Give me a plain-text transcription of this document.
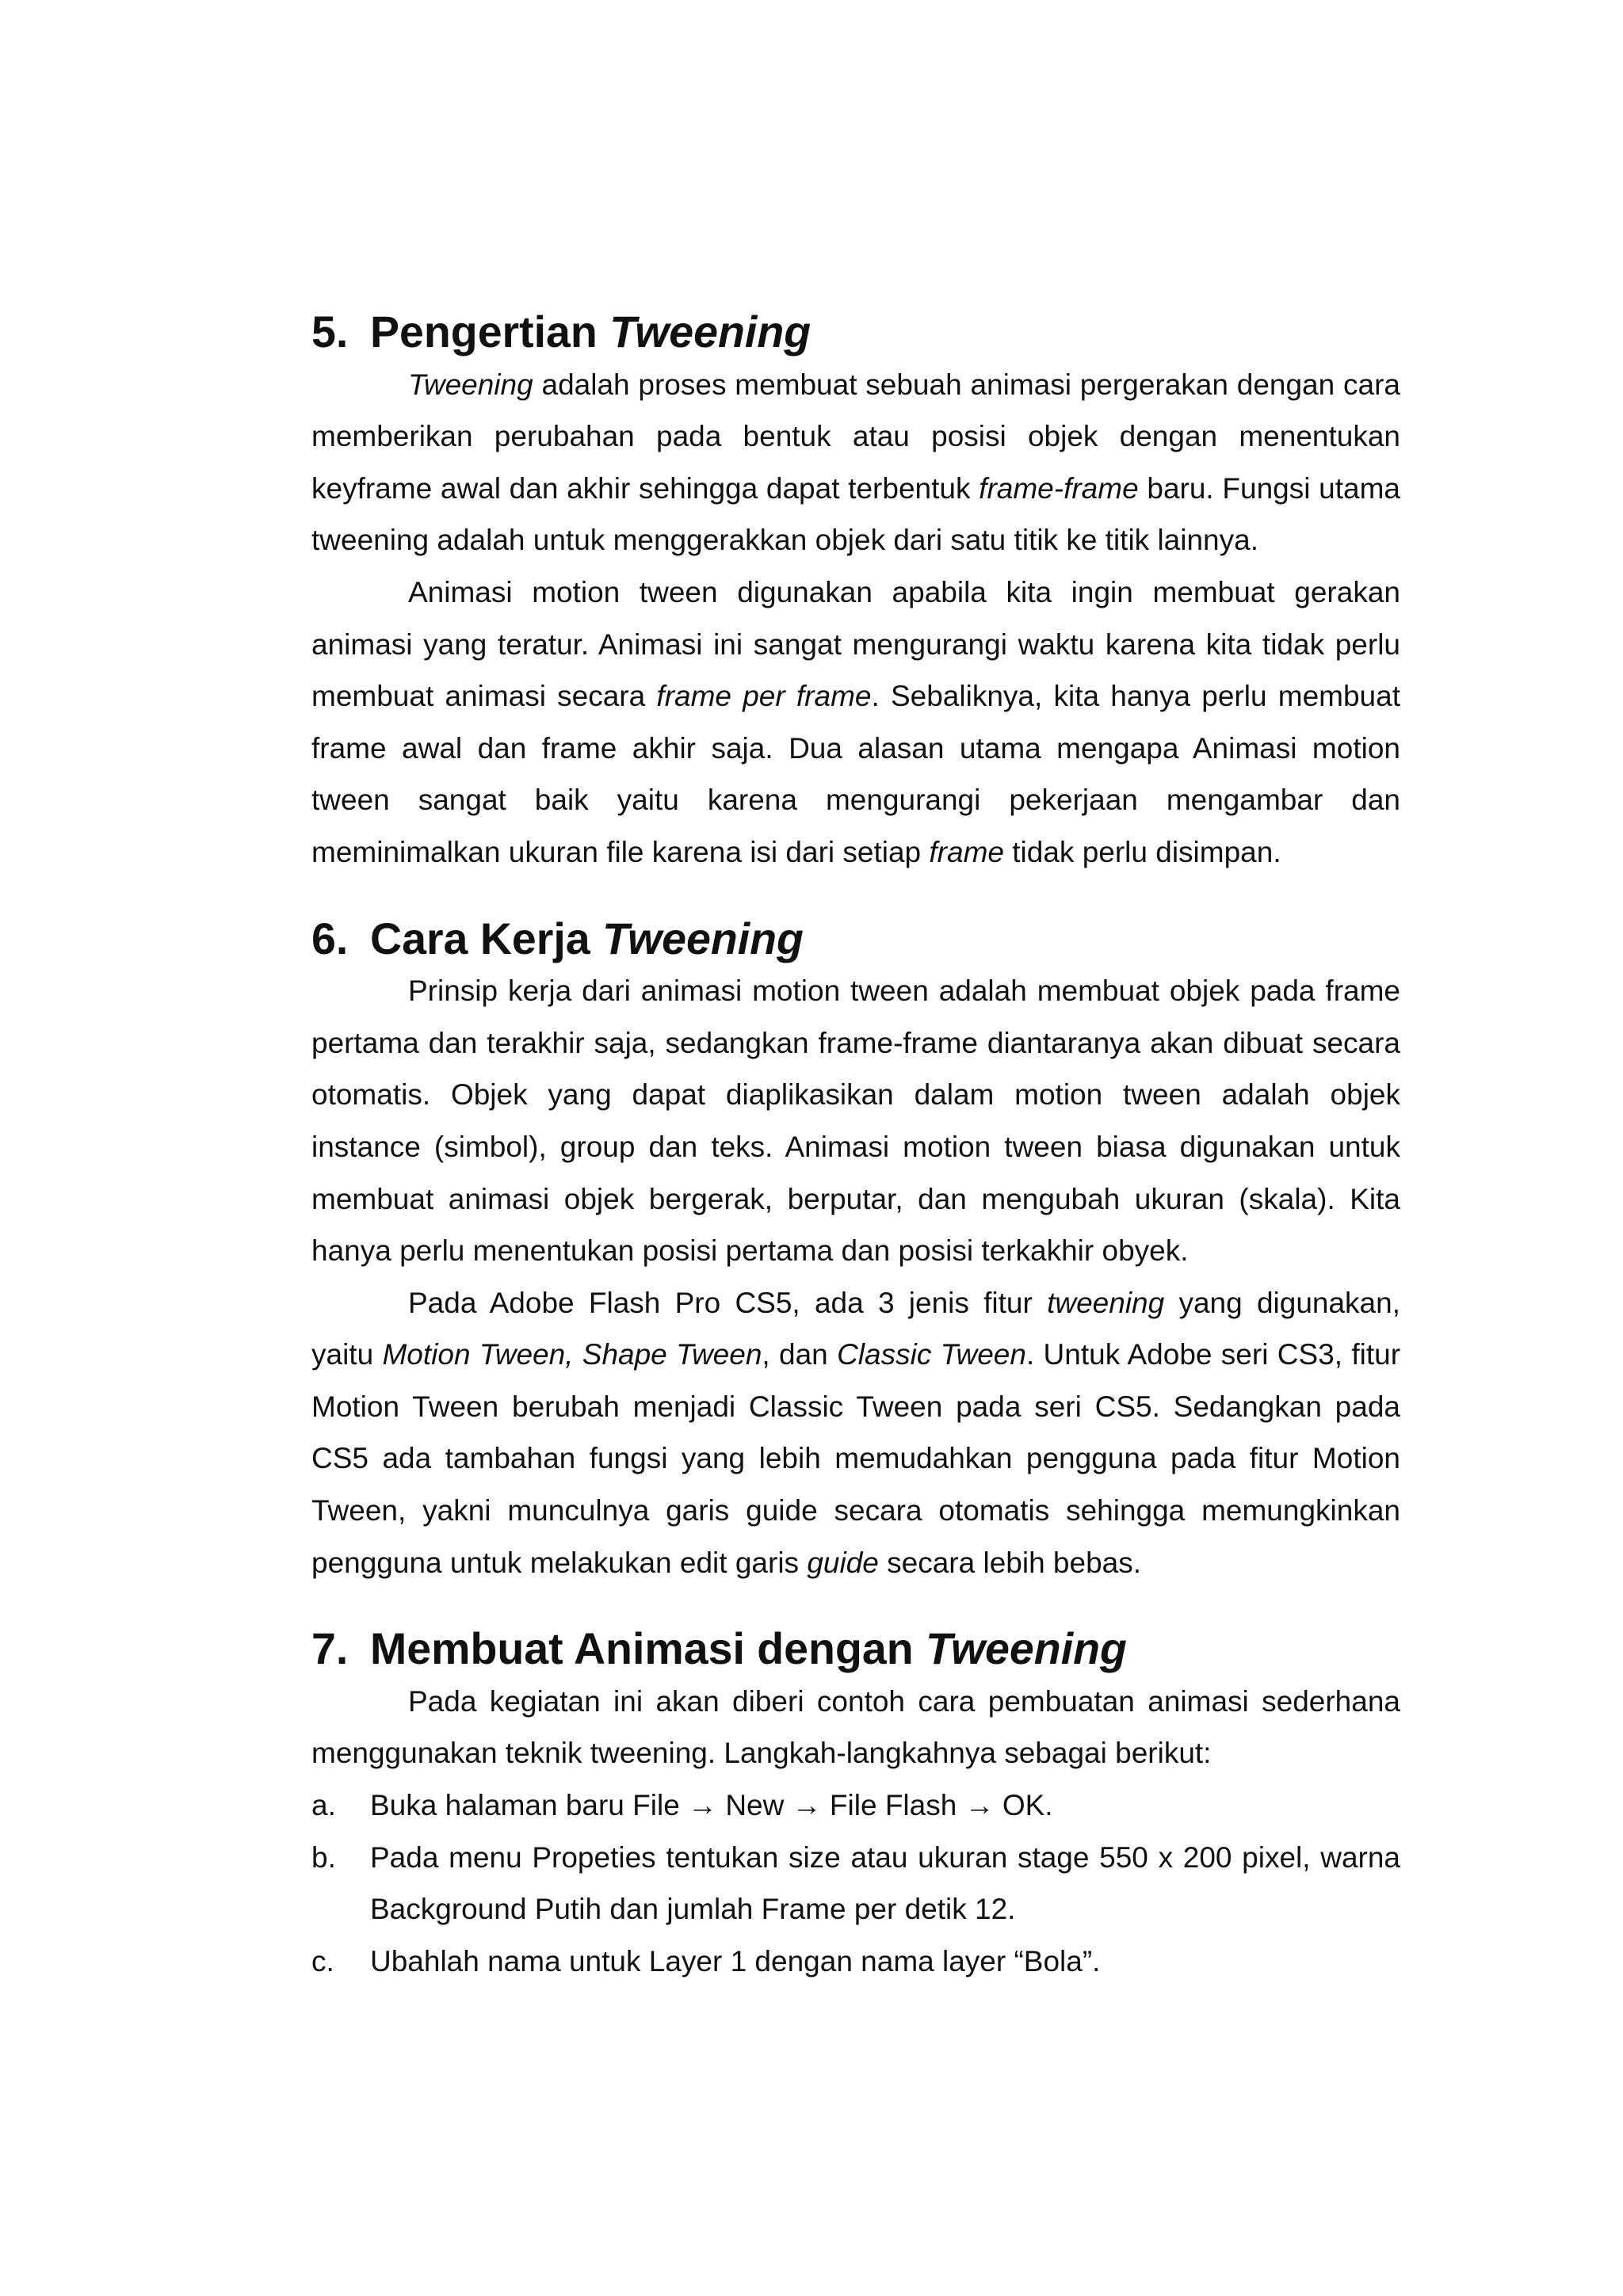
5. Pengertian Tweening

Tweening adalah proses membuat sebuah animasi pergerakan dengan cara memberikan perubahan pada bentuk atau posisi objek dengan menentukan keyframe awal dan akhir sehingga dapat terbentuk frame-frame baru. Fungsi utama tweening adalah untuk menggerakkan objek dari satu titik ke titik lainnya.

Animasi motion tween digunakan apabila kita ingin membuat gerakan animasi yang teratur. Animasi ini sangat mengurangi waktu karena kita tidak perlu membuat animasi secara frame per frame. Sebaliknya, kita hanya perlu membuat frame awal dan frame akhir saja. Dua alasan utama mengapa Animasi motion tween sangat baik yaitu karena mengurangi pekerjaan mengambar dan meminimalkan ukuran file karena isi dari setiap frame tidak perlu disimpan.

6. Cara Kerja Tweening

Prinsip kerja dari animasi motion tween adalah membuat objek pada frame pertama dan terakhir saja, sedangkan frame-frame diantaranya akan dibuat secara otomatis. Objek yang dapat diaplikasikan dalam motion tween adalah objek instance (simbol), group dan teks. Animasi motion tween biasa digunakan untuk membuat animasi objek bergerak, berputar, dan mengubah ukuran (skala). Kita hanya perlu menentukan posisi pertama dan posisi terkakhir obyek.

Pada Adobe Flash Pro CS5, ada 3 jenis fitur tweening yang digunakan, yaitu Motion Tween, Shape Tween, dan Classic Tween. Untuk Adobe seri CS3, fitur Motion Tween berubah menjadi Classic Tween pada seri CS5. Sedangkan pada CS5 ada tambahan fungsi yang lebih memudahkan pengguna pada fitur Motion Tween, yakni munculnya garis guide secara otomatis sehingga memungkinkan pengguna untuk melakukan edit garis guide secara lebih bebas.

7. Membuat Animasi dengan Tweening

Pada kegiatan ini akan diberi contoh cara pembuatan animasi sederhana menggunakan teknik tweening. Langkah-langkahnya sebagai berikut:

a.	Buka halaman baru File → New → File Flash → OK.
b.	Pada menu Propeties tentukan size atau ukuran stage 550 x 200 pixel, warna Background Putih dan jumlah Frame per detik 12.
c.	Ubahlah nama untuk Layer 1 dengan nama layer “Bola”.
